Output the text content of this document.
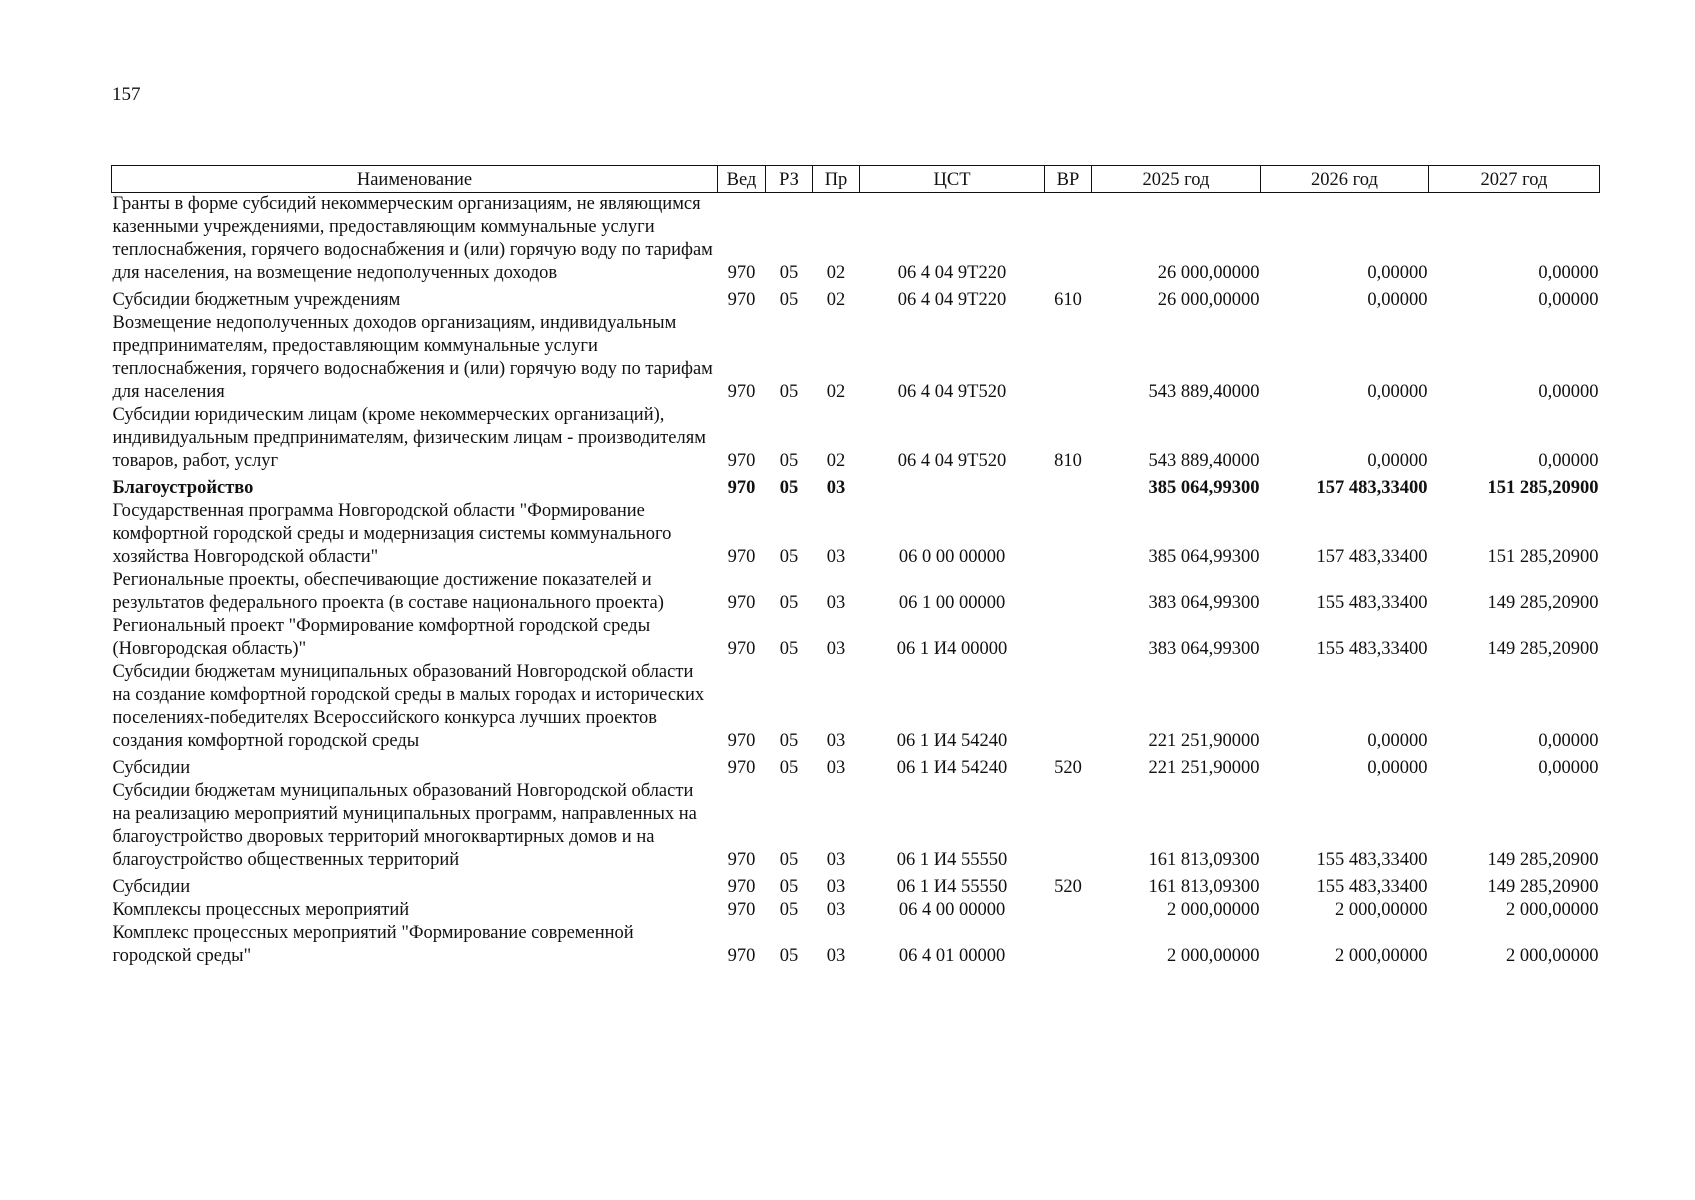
157
Наименование	Вед	РЗ	Пр	ЦСТ	ВР	2025 год	2026 год	2027 год
Гранты в форме субсидий некоммерческим организациям, не являющимся казенными учреждениями, предоставляющим коммунальные услуги теплоснабжения, горячего водоснабжения и (или) горячую воду по тарифам для населения, на возмещение недополученных доходов	970	05	02	06 4 04 9Т220		26 000,00000	0,00000	0,00000
Субсидии бюджетным учреждениям	970	05	02	06 4 04 9Т220	610	26 000,00000	0,00000	0,00000
Возмещение недополученных доходов организациям, индивидуальным предпринимателям, предоставляющим коммунальные услуги теплоснабжения, горячего водоснабжения и (или) горячую воду по тарифам для населения	970	05	02	06 4 04 9Т520		543 889,40000	0,00000	0,00000
Субсидии юридическим лицам (кроме некоммерческих организаций), индивидуальным предпринимателям, физическим лицам - производителям товаров, работ, услуг	970	05	02	06 4 04 9Т520	810	543 889,40000	0,00000	0,00000
Благоустройство	970	05	03			385 064,99300	157 483,33400	151 285,20900
Государственная программа Новгородской области "Формирование комфортной городской среды и модернизация системы коммунального хозяйства Новгородской области"	970	05	03	06 0 00 00000		385 064,99300	157 483,33400	151 285,20900
Региональные проекты, обеспечивающие достижение показателей и результатов федерального проекта (в составе национального проекта)	970	05	03	06 1 00 00000		383 064,99300	155 483,33400	149 285,20900
Региональный проект "Формирование комфортной городской среды (Новгородская область)"	970	05	03	06 1 И4 00000		383 064,99300	155 483,33400	149 285,20900
Субсидии бюджетам муниципальных образований Новгородской области на создание комфортной городской среды в малых городах и исторических поселениях-победителях Всероссийского конкурса лучших проектов создания комфортной городской среды	970	05	03	06 1 И4 54240		221 251,90000	0,00000	0,00000
Субсидии	970	05	03	06 1 И4 54240	520	221 251,90000	0,00000	0,00000
Субсидии бюджетам муниципальных образований Новгородской области на реализацию мероприятий муниципальных программ, направленных на благоустройство дворовых территорий многоквартирных домов и на благоустройство общественных территорий	970	05	03	06 1 И4 55550		161 813,09300	155 483,33400	149 285,20900
Субсидии	970	05	03	06 1 И4 55550	520	161 813,09300	155 483,33400	149 285,20900
Комплексы процессных мероприятий	970	05	03	06 4 00 00000		2 000,00000	2 000,00000	2 000,00000
Комплекс процессных мероприятий "Формирование современной городской среды"	970	05	03	06 4 01 00000		2 000,00000	2 000,00000	2 000,00000
